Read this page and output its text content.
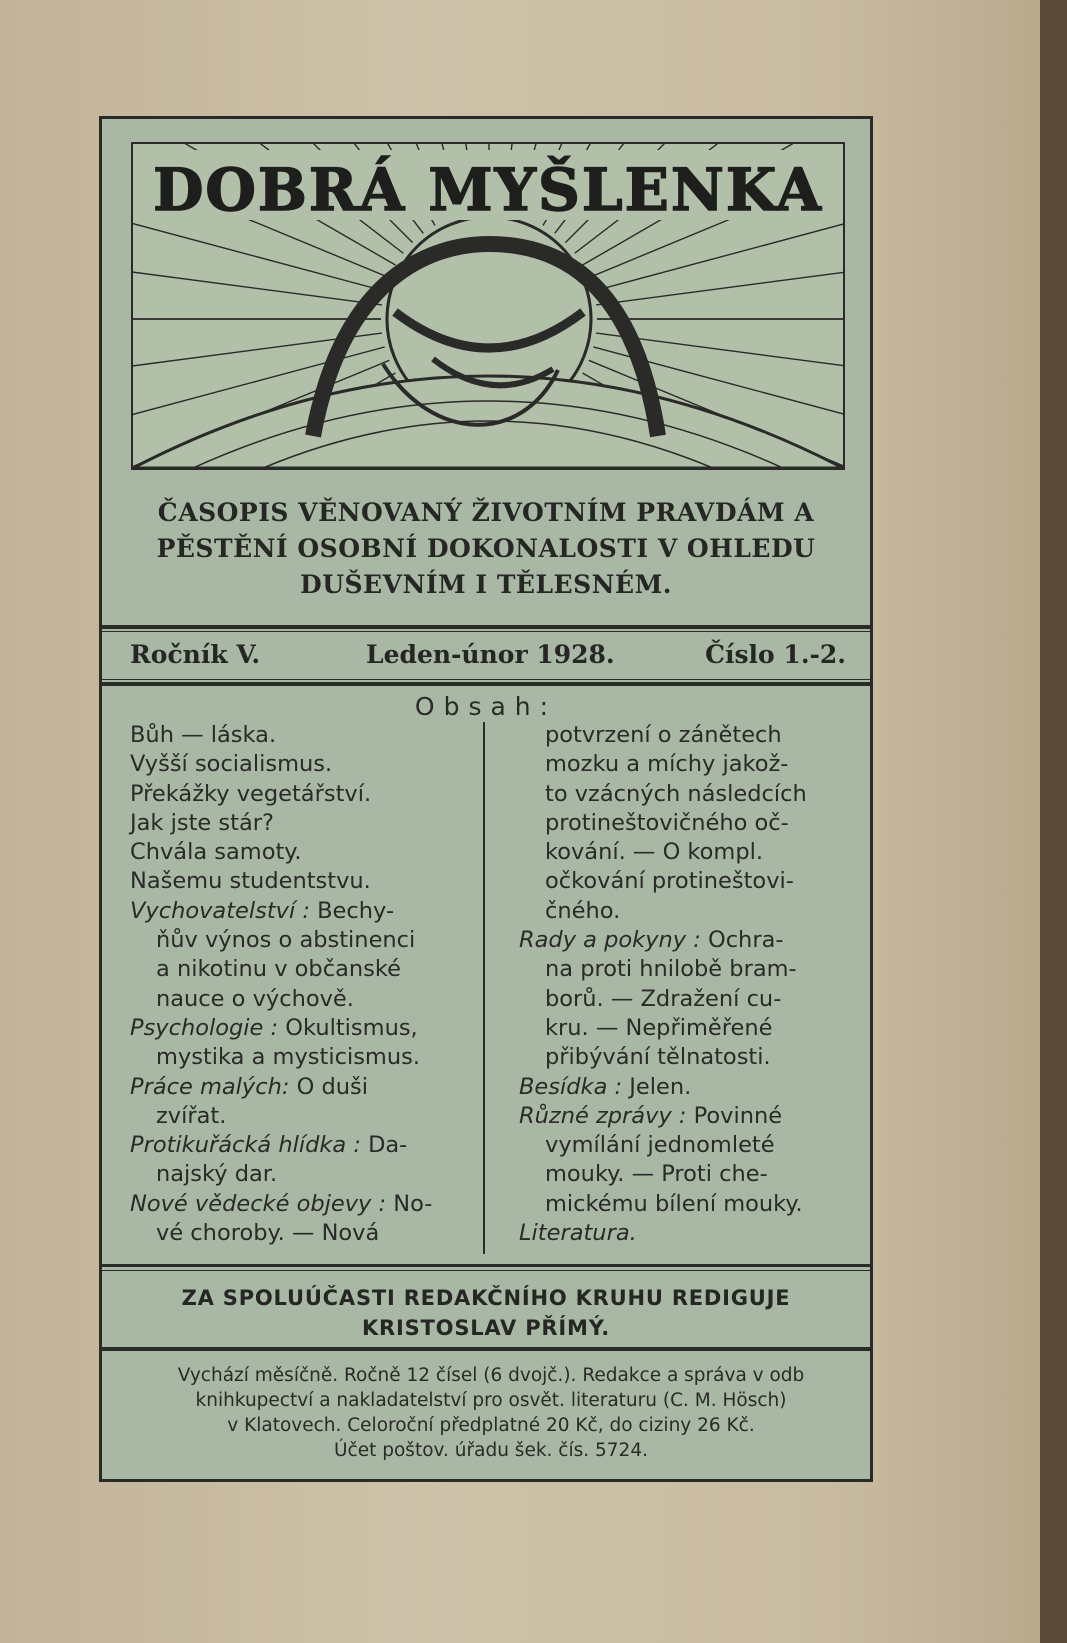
DOBRÁ MYŠLENKA
ČASOPIS VĚNOVANÝ ŽIVOTNÍM PRAVDÁM A
PĚSTĚNÍ OSOBNÍ DOKONALOSTI V OHLEDU
DUŠEVNÍM I TĚLESNÉM.
Ročník V.	Leden-únor 1928.	Číslo 1.-2.
Obsah:
Bůh — láska.
Vyšší socialismus.
Překážky vegetářství.
Jak jste stár?
Chvála samoty.
Našemu studentstvu.
Vychovatelství : Bechy-
ňův výnos o abstinenci
a nikotinu v občanské
nauce o výchově.
Psychologie : Okultismus,
mystika a mysticismus.
Práce malých: O duši
zvířat.
Protikuřácká hlídka : Da-
najský dar.
Nové vědecké objevy : No-
vé choroby. — Nová
potvrzení o zánětech
mozku a míchy jakož-
to vzácných následcích
protineštovičného oč-
kování. — O kompl.
očkování protineštovi-
čného.
Rady a pokyny : Ochra-
na proti hnilobě bram-
borů. — Zdražení cu-
kru. — Nepřiměřené
přibývání tělnatosti.
Besídka : Jelen.
Různé zprávy : Povinné
vymílání jednomleté
mouky. — Proti che-
mickému bílení mouky.
Literatura.
ZA SPOLUÚČASTI REDAKČNÍHO KRUHU REDIGUJE
KRISTOSLAV PŘÍMÝ.
Vychází měsíčně. Ročně 12 čísel (6 dvojč.). Redakce a správa v odb
knihkupectví a nakladatelství pro osvět. literaturu (C. M. Hösch)
v Klatovech. Celoroční předplatné 20 Kč, do ciziny 26 Kč.
Účet poštov. úřadu šek. čís. 5724.
